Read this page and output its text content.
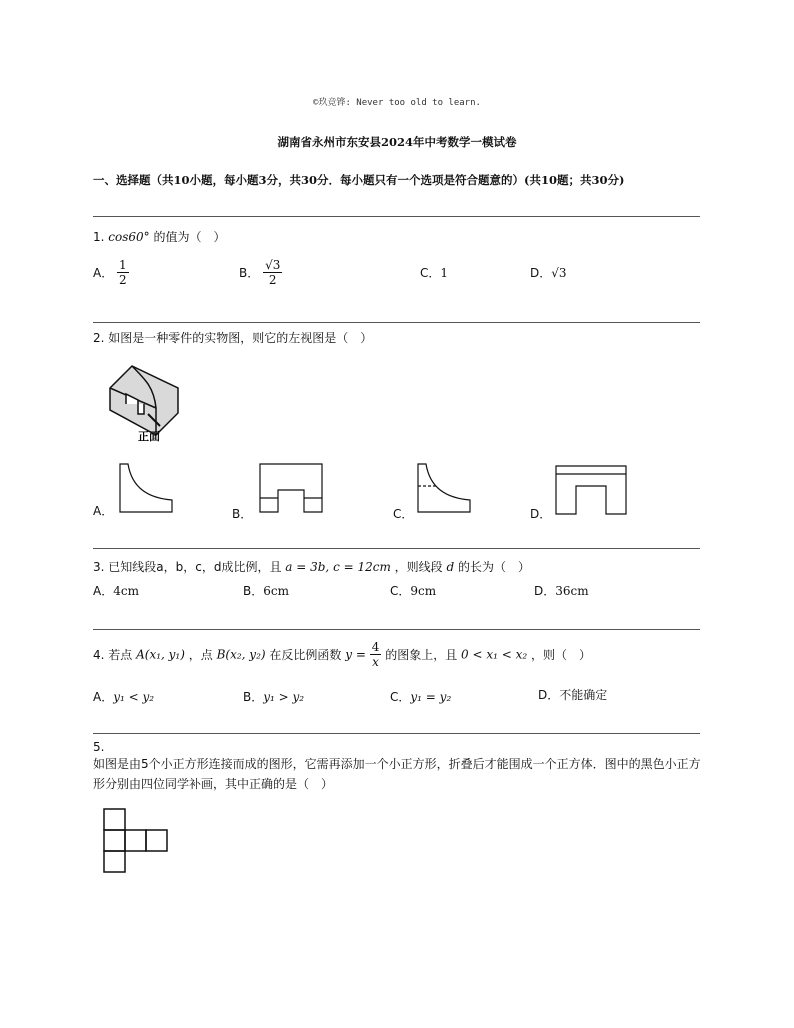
©玖竞铧: Never too old to learn.
湖南省永州市东安县2024年中考数学一模试卷
一、选择题（共10小题，每小题3分，共30分．每小题只有一个选项是符合题意的）(共10题；共30分)
1. cos60° 的值为（　）
A． $\frac{1}{2}$	B． $\frac{√3}{2}$	C．1	D．√3
2. 如图是一种零件的实物图，则它的左视图是（　）
正面
A．	B．	C．	D．
3. 已知线段a，b，c，d成比例，且 a = 3b, c = 12cm ，则线段 d 的长为（　）
A．4cm	B．6cm	C．9cm	D．36cm
4. 若点 A(x₁, y₁) ，点 B(x₂, y₂) 在反比例函数 $y = \frac{4}{x}$ 的图象上，且 0 < x₁ < x₂ ，则（　）
A．y₁ < y₂	B．y₁ > y₂	C．y₁ = y₂	D．不能确定
5.
如图是由5个小正方形连接而成的图形，它需再添加一个小正方形，折叠后才能围成一个正方体．图中的黑色小正方形分别由四位同学补画，其中正确的是（　）
